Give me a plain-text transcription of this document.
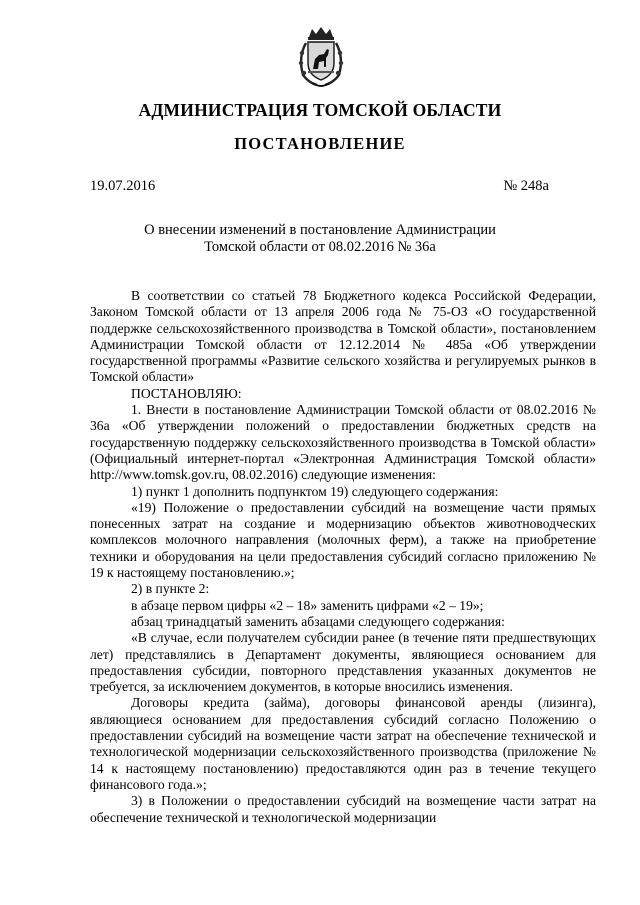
АДМИНИСТРАЦИЯ ТОМСКОЙ ОБЛАСТИ
ПОСТАНОВЛЕНИЕ
19.07.2016	№ 248а
О внесении изменений в постановление Администрации
Томской области от 08.02.2016 № 36а

В соответствии со статьей 78 Бюджетного кодекса Российской Федерации, Законом Томской области от 13 апреля 2006 года № 75-ОЗ «О государственной поддержке сельскохозяйственного производства в Томской области», постановлением Администрации Томской области от 12.12.2014 № 485а «Об утверждении государственной программы «Развитие сельского хозяйства и регулируемых рынков в Томской области»

ПОСТАНОВЛЯЮ:

1. Внести в постановление Администрации Томской области от 08.02.2016 № 36а «Об утверждении положений о предоставлении бюджетных средств на государственную поддержку сельскохозяйственного производства в Томской области» (Официальный интернет-портал «Электронная Администрация Томской области» http://www.tomsk.gov.ru, 08.02.2016) следующие изменения:

1) пункт 1 дополнить подпунктом 19) следующего содержания:

«19) Положение о предоставлении субсидий на возмещение части прямых понесенных затрат на создание и модернизацию объектов животноводческих комплексов молочного направления (молочных ферм), а также на приобретение техники и оборудования на цели предоставления субсидий согласно приложению № 19 к настоящему постановлению.»;

2) в пункте 2:

в абзаце первом цифры «2 – 18» заменить цифрами «2 – 19»;

абзац тринадцатый заменить абзацами следующего содержания:

«В случае, если получателем субсидии ранее (в течение пяти предшествующих лет) представлялись в Департамент документы, являющиеся основанием для предоставления субсидии, повторного представления указанных документов не требуется, за исключением документов, в которые вносились изменения.

Договоры кредита (займа), договоры финансовой аренды (лизинга), являющиеся основанием для предоставления субсидий согласно Положению о предоставлении субсидий на возмещение части затрат на обеспечение технической и технологической модернизации сельскохозяйственного производства (приложение № 14 к настоящему постановлению) предоставляются один раз в течение текущего финансового года.»;

3) в Положении о предоставлении субсидий на возмещение части затрат на обеспечение технической и технологической модернизации
